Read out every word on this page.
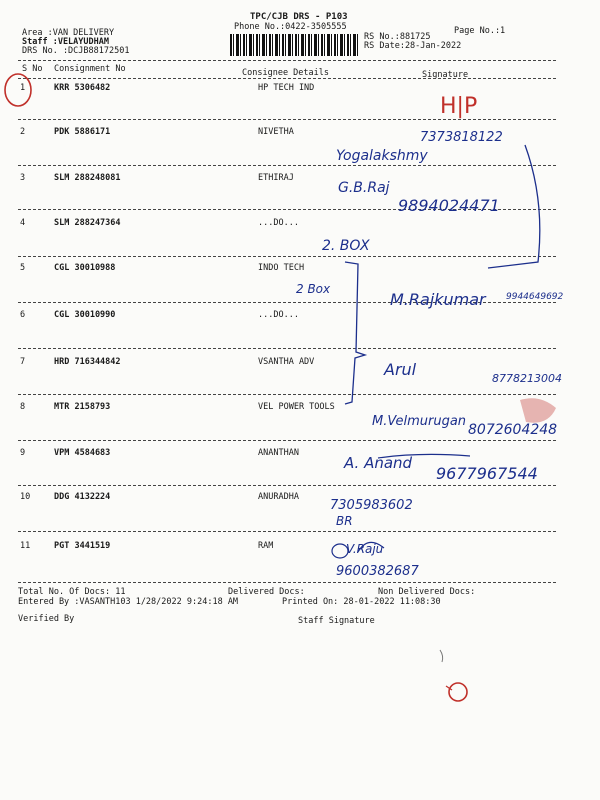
TPC/CJB DRS - P103
Phone No.:0422-3505555
Area :VAN DELIVERY
Staff :VELAYUDHAM
DRS No. :DCJB88172501
RS No.:881725
RS Date:28-Jan-2022
Page No.:1
S No Consignment No	Consignee Details	Signature
1	KRR 5306482	HP TECH IND
2	PDK 5886171	NIVETHA
3	SLM 288248081	ETHIRAJ
4	SLM 288247364	...DO...
5	CGL 30010988	INDO TECH
6	CGL 30010990	...DO...
7	HRD 716344842	VSANTHA ADV
8	MTR 2158793	VEL POWER TOOLS
9	VPM 4584683	ANANTHAN
10	DDG 4132224	ANURADHA
11	PGT 3441519	RAM
Total No. Of Docs: 11	Delivered Docs:	Non Delivered Docs:
Entered By :VASANTH103 1/28/2022 9:24:18 AM	Printed On: 28-01-2022 11:08:30
Verified By	Staff Signature
H|P
7373818122
Yogalakshmy
G.B.Raj
9894024471
2. BOX
2 Box
M.Rajkumar 9944649692
Arul	8778213004
M.Velmurugan
8072604248
A. Anand
9677967544
7305983602
BR
V.Raju
9600382687
